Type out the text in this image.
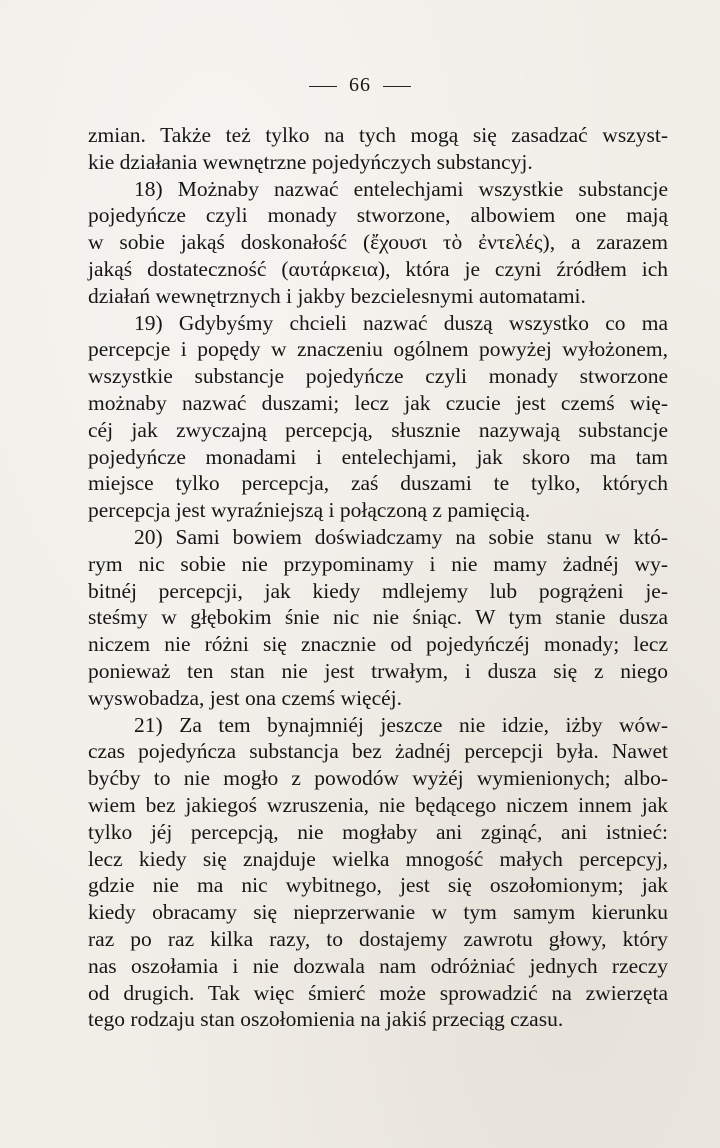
66
zmian. Także też tylko na tych mogą się zasadzać wszyst-
kie działania wewnętrzne pojedyńczych substancyj.
18) Możnaby nazwać entelechjami wszystkie substancje
pojedyńcze czyli monady stworzone, albowiem one mają
w sobie jakąś doskonałość (ἔχουσι τὸ ἐντελές), a zarazem
jakąś dostateczność (αυτάρκεια), która je czyni źródłem ich
działań wewnętrznych i jakby bezcielesnymi automatami.
19) Gdybyśmy chcieli nazwać duszą wszystko co ma
percepcje i popędy w znaczeniu ogólnem powyżej wyłożonem,
wszystkie substancje pojedyńcze czyli monady stworzone
możnaby nazwać duszami; lecz jak czucie jest czemś wię-
céj jak zwyczajną percepcją, słusznie nazywają substancje
pojedyńcze monadami i entelechjami, jak skoro ma tam
miejsce tylko percepcja, zaś duszami te tylko, których
percepcja jest wyraźniejszą i połączoną z pamięcią.
20) Sami bowiem doświadczamy na sobie stanu w któ-
rym nic sobie nie przypominamy i nie mamy żadnéj wy-
bitnéj percepcji, jak kiedy mdlejemy lub pogrążeni je-
steśmy w głębokim śnie nic nie śniąc. W tym stanie dusza
niczem nie różni się znacznie od pojedyńczéj monady; lecz
ponieważ ten stan nie jest trwałym, i dusza się z niego
wyswobadza, jest ona czemś więcéj.
21) Za tem bynajmniéj jeszcze nie idzie, iżby wów-
czas pojedyńcza substancja bez żadnéj percepcji była. Nawet
byćby to nie mogło z powodów wyżéj wymienionych; albo-
wiem bez jakiegoś wzruszenia, nie będącego niczem innem jak
tylko jéj percepcją, nie mogłaby ani zginąć, ani istnieć:
lecz kiedy się znajduje wielka mnogość małych percepcyj,
gdzie nie ma nic wybitnego, jest się oszołomionym; jak
kiedy obracamy się nieprzerwanie w tym samym kierunku
raz po raz kilka razy, to dostajemy zawrotu głowy, który
nas oszołamia i nie dozwala nam odróżniać jednych rzeczy
od drugich. Tak więc śmierć może sprowadzić na zwierzęta
tego rodzaju stan oszołomienia na jakiś przeciąg czasu.
